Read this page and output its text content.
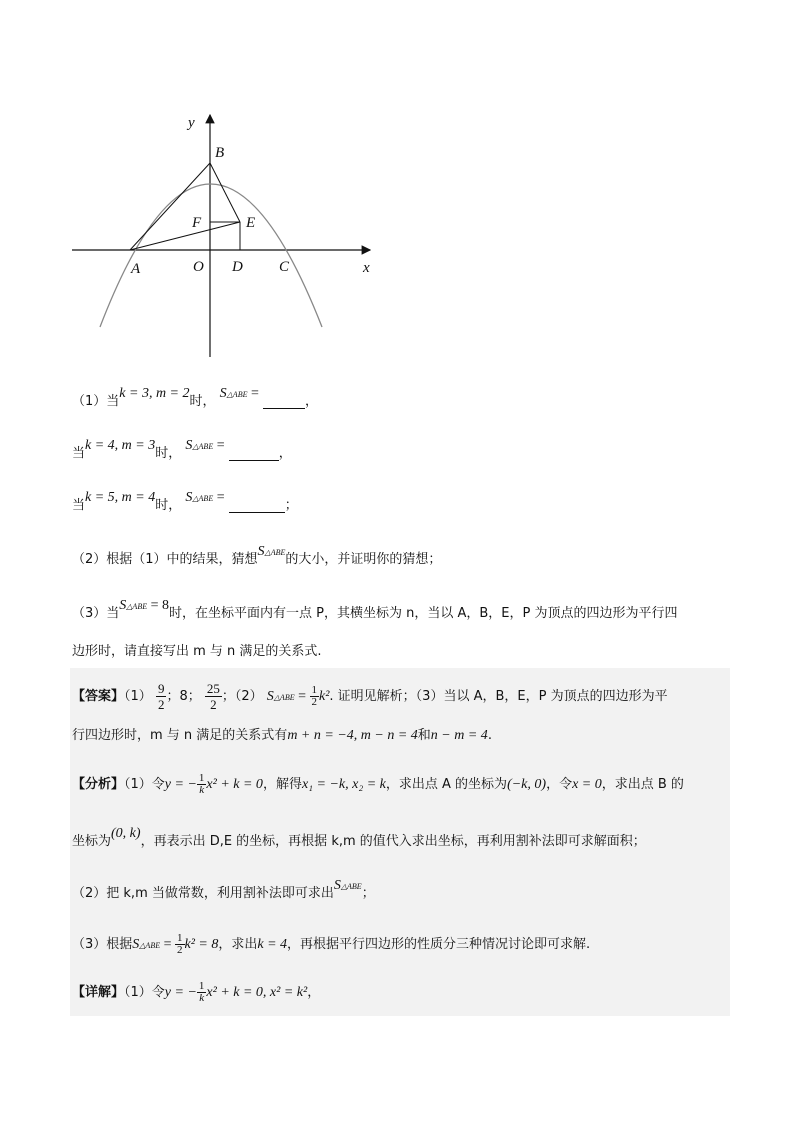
y
x
B
F	E
A	O D C
（1）当k = 3, m = 2时， S△ABE = ，
当k = 4, m = 3时， S△ABE = ，
当k = 5, m = 4时， S△ABE = ；
（2）根据（1）中的结果，猜想S△ABE的大小，并证明你的猜想；
（3）当S△ABE = 8时，在坐标平面内有一点 P，其横坐标为 n，当以 A，B，E，P 为顶点的四边形为平行四
边形时，请直接写出 m 与 n 满足的关系式.
【答案】$(1) \frac{9}{2}$ ；8； $\frac{25}{2}$ ；（2） S△ABE = $\frac{1}{2} k^2$. 证明见解析；（3）当以 A，B，E，P 为顶点的四边形为平
行四边形时，m 与 n 满足的关系式有m + n = −4, m − n = 4和n − m = 4.
【分析】（1）令y = − $\frac{1}{k} x^2 + k = 0$，解得x₁ = −k, x₂ = k，求出点 A 的坐标为(−k, 0)，令x = 0，求出点 B 的
坐标为(0, k)，再表示出 D,E 的坐标，再根据 k,m 的值代入求出坐标，再利用割补法即可求解面积；
（2）把 k,m 当做常数，利用割补法即可求出S△ABE；
（3）根据S△ABE = $\frac{1}{2} k^2 = 8$，求出k = 4，再根据平行四边形的性质分三种情况讨论即可求解.
【详解】（1）令y = − $\frac{1}{k} x^2 + k = 0$, x² = k²，
